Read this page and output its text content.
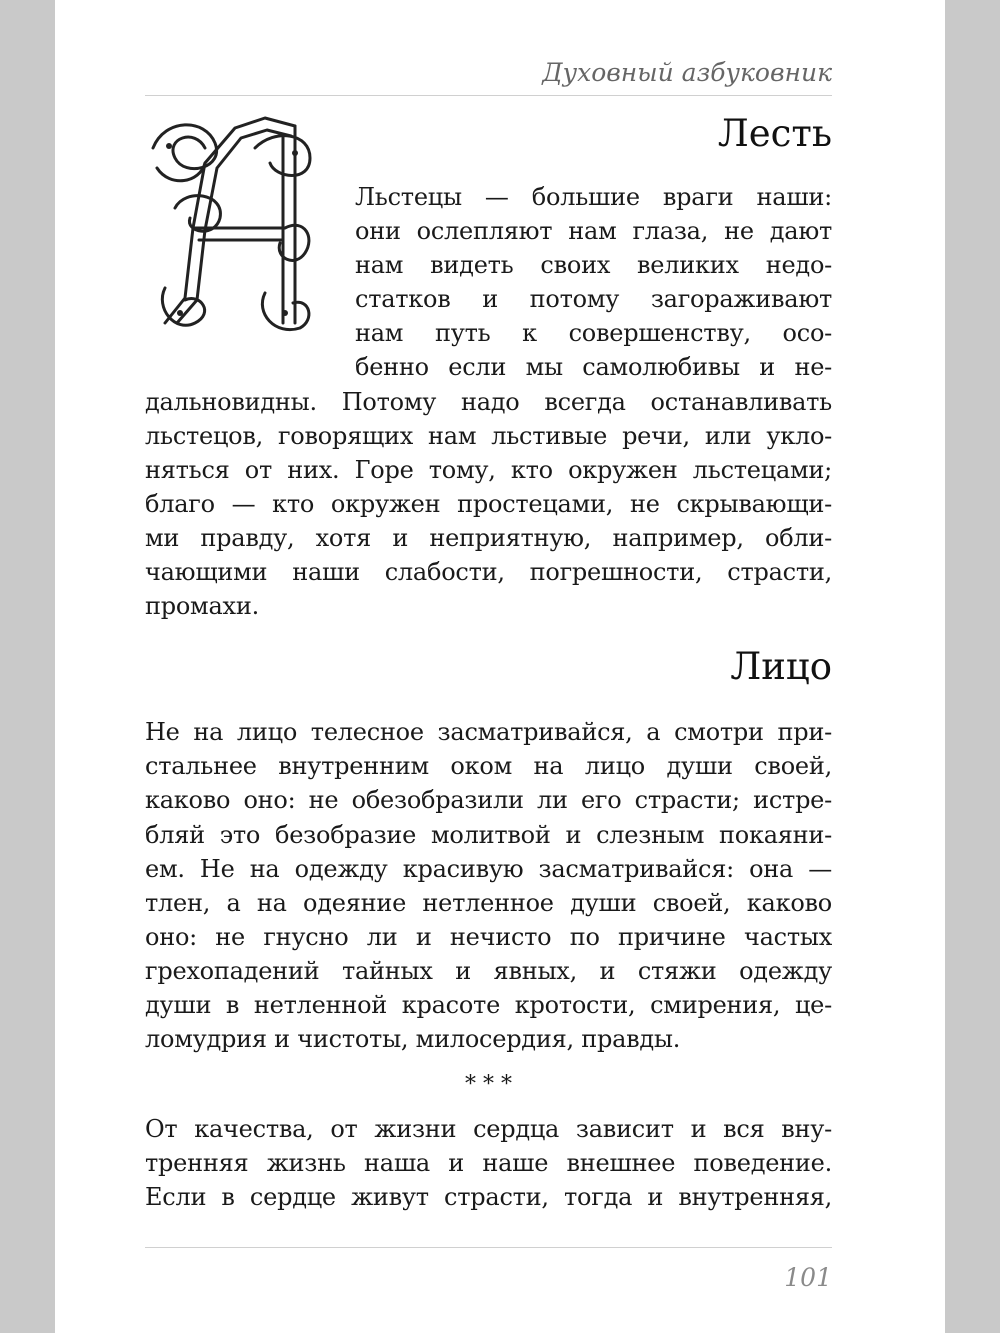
Духовный азбуковник
Лесть

Льстецы — большие враги наши:
они ослепляют нам глаза, не дают
нам видеть своих великих недо-
статков и потому загораживают
нам путь к совершенству, осо-
бенно если мы самолюбивы и не-
дальновидны. Потому надо всегда останавливать
льстецов, говорящих нам льстивые речи, или укло-
няться от них. Горе тому, кто окружен льстецами;
благо — кто окружен простецами, не скрывающи-
ми правду, хотя и неприятную, например, обли-
чающими наши слабости, погрешности, страсти,
промахи.

Лицо

Не на лицо телесное засматривайся, а смотри при-
стальнее внутренним оком на лицо души своей,
каково оно: не обезобразили ли его страсти; истре-
бляй это безобразие молитвой и слезным покаяни-
ем. Не на одежду красивую засматривайся: она —
тлен, а на одеяние нетленное души своей, каково
оно: не гнусно ли и нечисто по причине частых
грехопадений тайных и явных, и стяжи одежду
души в нетленной красоте кротости, смирения, це-
ломудрия и чистоты, милосердия, правды.

* * *

От качества, от жизни сердца зависит и вся вну-
тренняя жизнь наша и наше внешнее поведение.
Если в сердце живут страсти, тогда и внутренняя,

101
